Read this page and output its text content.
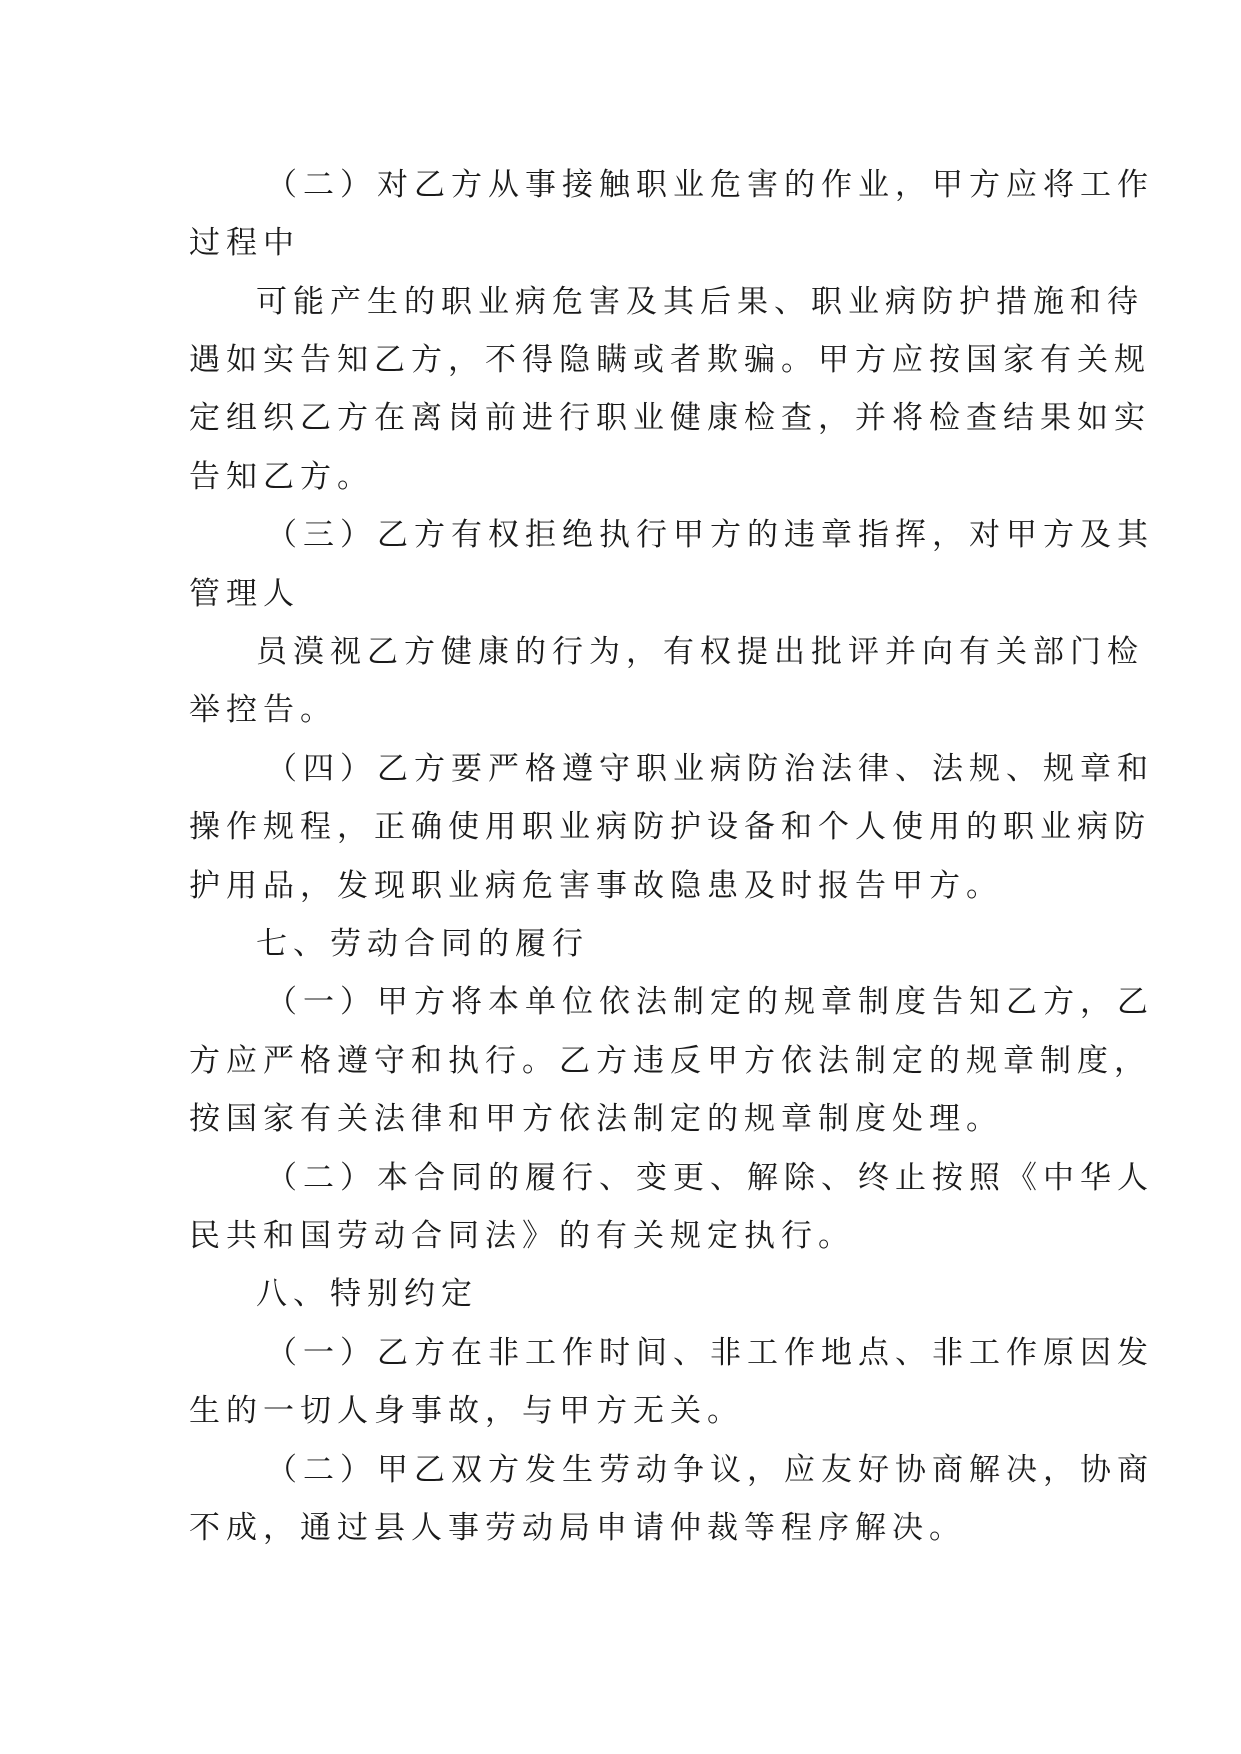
（二）对乙方从事接触职业危害的作业，甲方应将工作

过程中

可能产生的职业病危害及其后果、职业病防护措施和待

遇如实告知乙方，不得隐瞒或者欺骗。甲方应按国家有关规

定组织乙方在离岗前进行职业健康检查，并将检查结果如实

告知乙方。

（三）乙方有权拒绝执行甲方的违章指挥，对甲方及其

管理人

员漠视乙方健康的行为，有权提出批评并向有关部门检

举控告。

（四）乙方要严格遵守职业病防治法律、法规、规章和

操作规程，正确使用职业病防护设备和个人使用的职业病防

护用品，发现职业病危害事故隐患及时报告甲方。

七、劳动合同的履行

（一）甲方将本单位依法制定的规章制度告知乙方，乙

方应严格遵守和执行。乙方违反甲方依法制定的规章制度，

按国家有关法律和甲方依法制定的规章制度处理。

（二）本合同的履行、变更、解除、终止按照《中华人

民共和国劳动合同法》的有关规定执行。

八、特别约定

（一）乙方在非工作时间、非工作地点、非工作原因发

生的一切人身事故，与甲方无关。

（二）甲乙双方发生劳动争议，应友好协商解决，协商

不成，通过县人事劳动局申请仲裁等程序解决。
